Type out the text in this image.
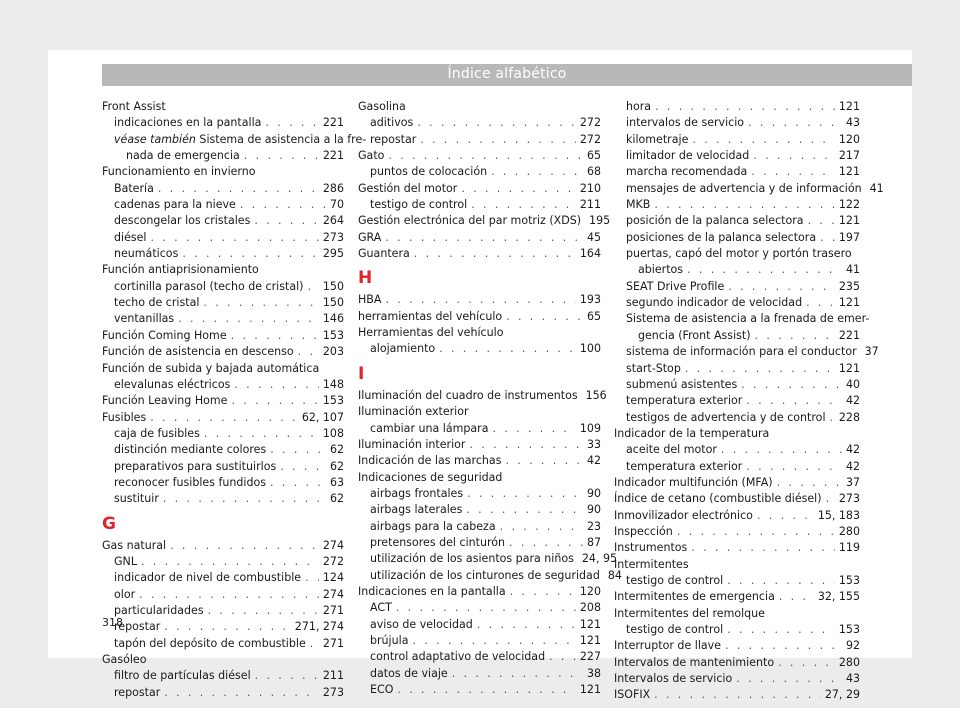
Índice alfabético
Front Assist
indicaciones en la pantalla . . .	221
véase también Sistema de asistencia a la fre-
nada de emergencia . . .	221
Funcionamiento en invierno
Batería . . .	286
cadenas para la nieve . . .	70
descongelar los cristales . . .	264
diésel . . .	273
neumáticos . . .	295
Función antiaprisionamiento
cortinilla parasol (techo de cristal) . . . 150
techo de cristal . . .	150
ventanillas . . .	146
Función Coming Home . . .	153
Función de asistencia en descenso . . .	203
Función de subida y bajada automática
elevalunas eléctricos . . .	148
Función Leaving Home . . .	153
Fusibles . . .	62, 107
caja de fusibles . . .	108
distinción mediante colores . . .	62
preparativos para sustituirlos . . .	62
reconocer fusibles fundidos . . .	63
sustituir . . .	62
G
Gas natural . . .	274
GNL . . .	272
indicador de nivel de combustible . . . 124
olor . . .	274
particularidades . . .	271
repostar . . .	271, 274
tapón del depósito de combustible . . . 271
Gasóleo
filtro de partículas diésel . . .	211
repostar . . .	273
Gasolina
aditivos . . .	272
repostar . . .	272
Gato . . .	65
puntos de colocación . . .	68
Gestión del motor . . .	210
testigo de control . . .	211
Gestión electrónica del par motriz (XDS) 195
GRA . . .	45
Guantera . . .	164
H
HBA . . .	193
herramientas del vehículo . . .	65
Herramientas del vehículo
alojamiento . . .	100
I
Iluminación del cuadro de instrumentos 156
Iluminación exterior
cambiar una lámpara . . .	109
Iluminación interior . . .	33
Indicación de las marchas . . .	42
Indicaciones de seguridad
airbags frontales . . .	90
airbags laterales . . .	90
airbags para la cabeza . . .	23
pretensores del cinturón . . .	87
utilización de los asientos para niños 24, 95
utilización de los cinturones de seguridad 84
Indicaciones en la pantalla . . .	120
ACT . . .	208
aviso de velocidad . . .	121
brújula . . .	121
control adaptativo de velocidad . . .	227
datos de viaje . . .	38
ECO . . .	121
hora . . .	121
intervalos de servicio . . .	43
kilometraje . . .	120
limitador de velocidad . . .	217
marcha recomendada . . .	121
mensajes de advertencia y de información 41
MKB . . .	122
posición de la palanca selectora . . .	121
posiciones de la palanca selectora . . . 197
puertas, capó del motor y portón trasero
abiertos . . .	41
SEAT Drive Profile . . .	235
segundo indicador de velocidad . . .	121
Sistema de asistencia a la frenada de emer-
gencia (Front Assist) . . .	221
sistema de información para el conductor 37
start-Stop . . .	121
submenú asistentes . . .	40
temperatura exterior . . .	42
testigos de advertencia y de control . . . 228
Indicador de la temperatura
aceite del motor . . .	42
temperatura exterior . . .	42
Indicador multifunción (MFA) . . .	37
Índice de cetano (combustible diésel) . . . 273
Inmovilizador electrónico . . .	15, 183
Inspección . . .	280
Instrumentos . . .	119
Intermitentes
testigo de control . . .	153
Intermitentes de emergencia . . .	32, 155
Intermitentes del remolque
testigo de control . . .	153
Interruptor de llave . . .	92
Intervalos de mantenimiento . . .	280
Intervalos de servicio . . .	43
ISOFIX . . .	27, 29
318
